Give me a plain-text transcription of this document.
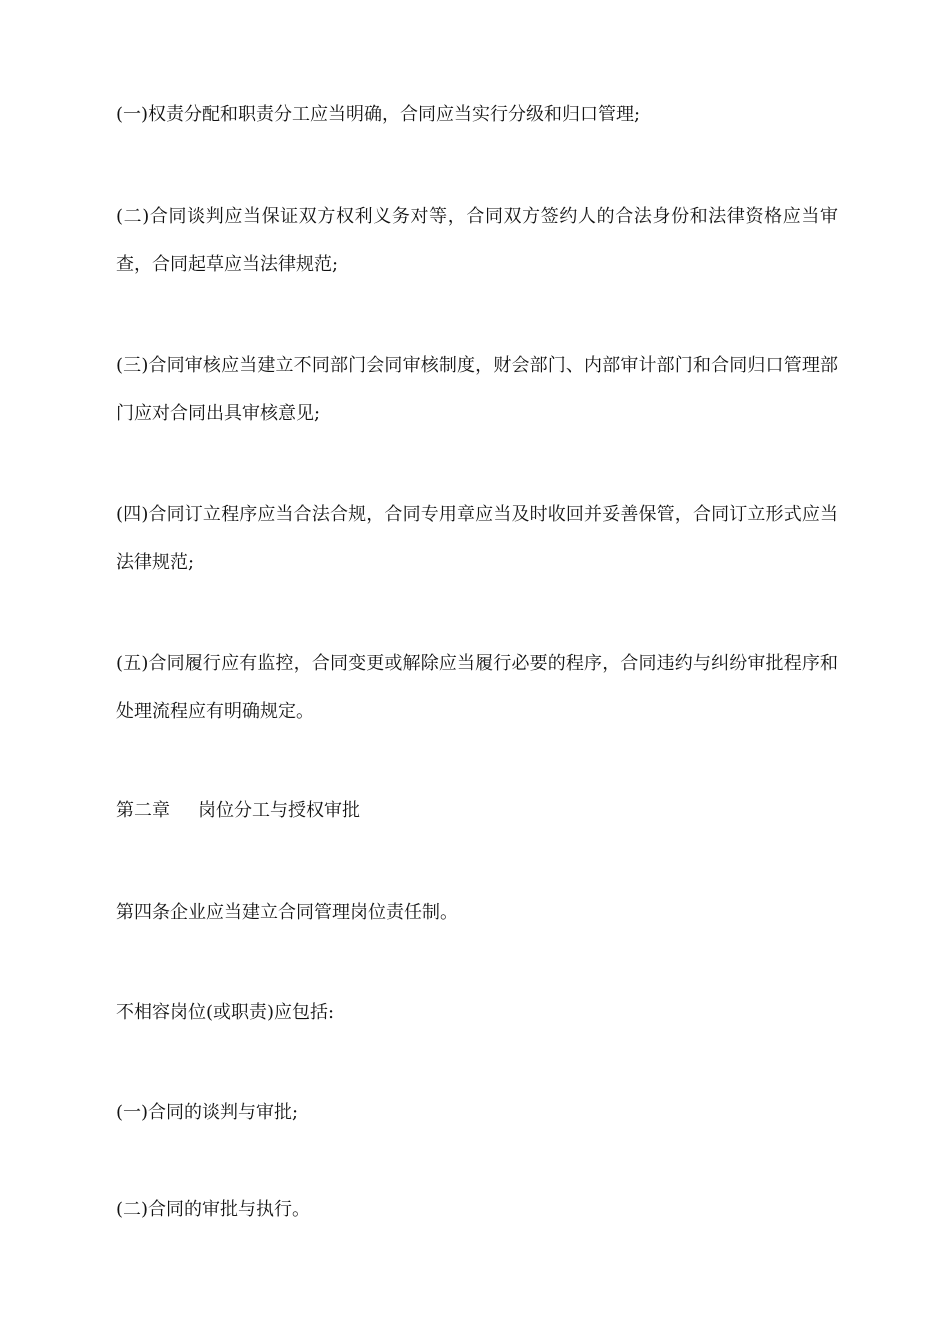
(一)权责分配和职责分工应当明确，合同应当实行分级和归口管理;

(二)合同谈判应当保证双方权利义务对等，合同双方签约人的合法身份和法律资格应当审查，合同起草应当法律规范;

(三)合同审核应当建立不同部门会同审核制度，财会部门、内部审计部门和合同归口管理部门应对合同出具审核意见;

(四)合同订立程序应当合法合规，合同专用章应当及时收回并妥善保管，合同订立形式应当法律规范;

(五)合同履行应有监控，合同变更或解除应当履行必要的程序，合同违约与纠纷审批程序和处理流程应有明确规定。

第二章 岗位分工与授权审批

第四条企业应当建立合同管理岗位责任制。

不相容岗位(或职责)应包括:

(一)合同的谈判与审批;

(二)合同的审批与执行。
